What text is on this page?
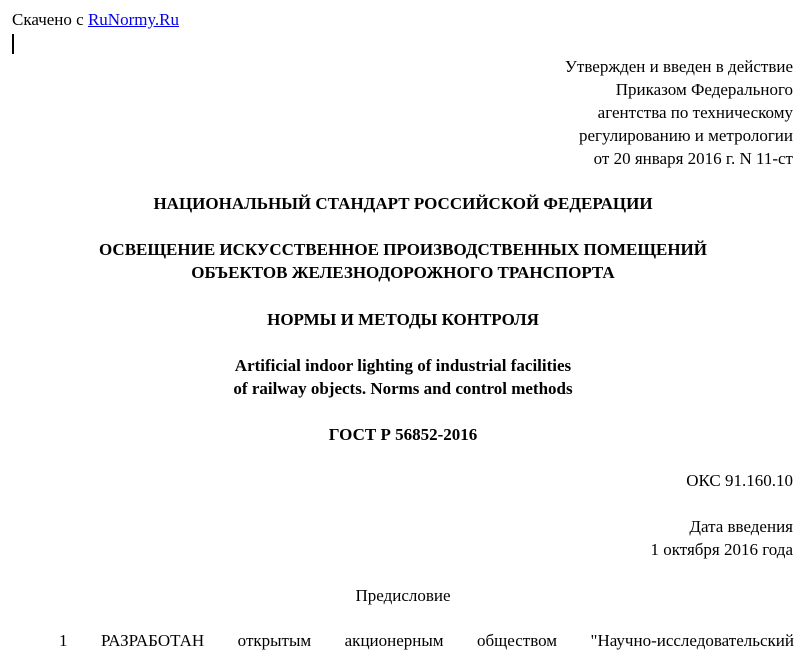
Скачено с RuNormy.Ru
Утвержден и введен в действие
Приказом Федерального
агентства по техническому
регулированию и метрологии
от 20 января 2016 г. N 11-ст
НАЦИОНАЛЬНЫЙ СТАНДАРТ РОССИЙСКОЙ ФЕДЕРАЦИИ
ОСВЕЩЕНИЕ ИСКУССТВЕННОЕ ПРОИЗВОДСТВЕННЫХ ПОМЕЩЕНИЙ
ОБЪЕКТОВ ЖЕЛЕЗНОДОРОЖНОГО ТРАНСПОРТА
НОРМЫ И МЕТОДЫ КОНТРОЛЯ
Artificial indoor lighting of industrial facilities
of railway objects. Norms and control methods
ГОСТ Р 56852-2016
ОКС 91.160.10
Дата введения
1 октября 2016 года
Предисловие
1 РАЗРАБОТАН открытым акционерным обществом "Научно-исследовательский
